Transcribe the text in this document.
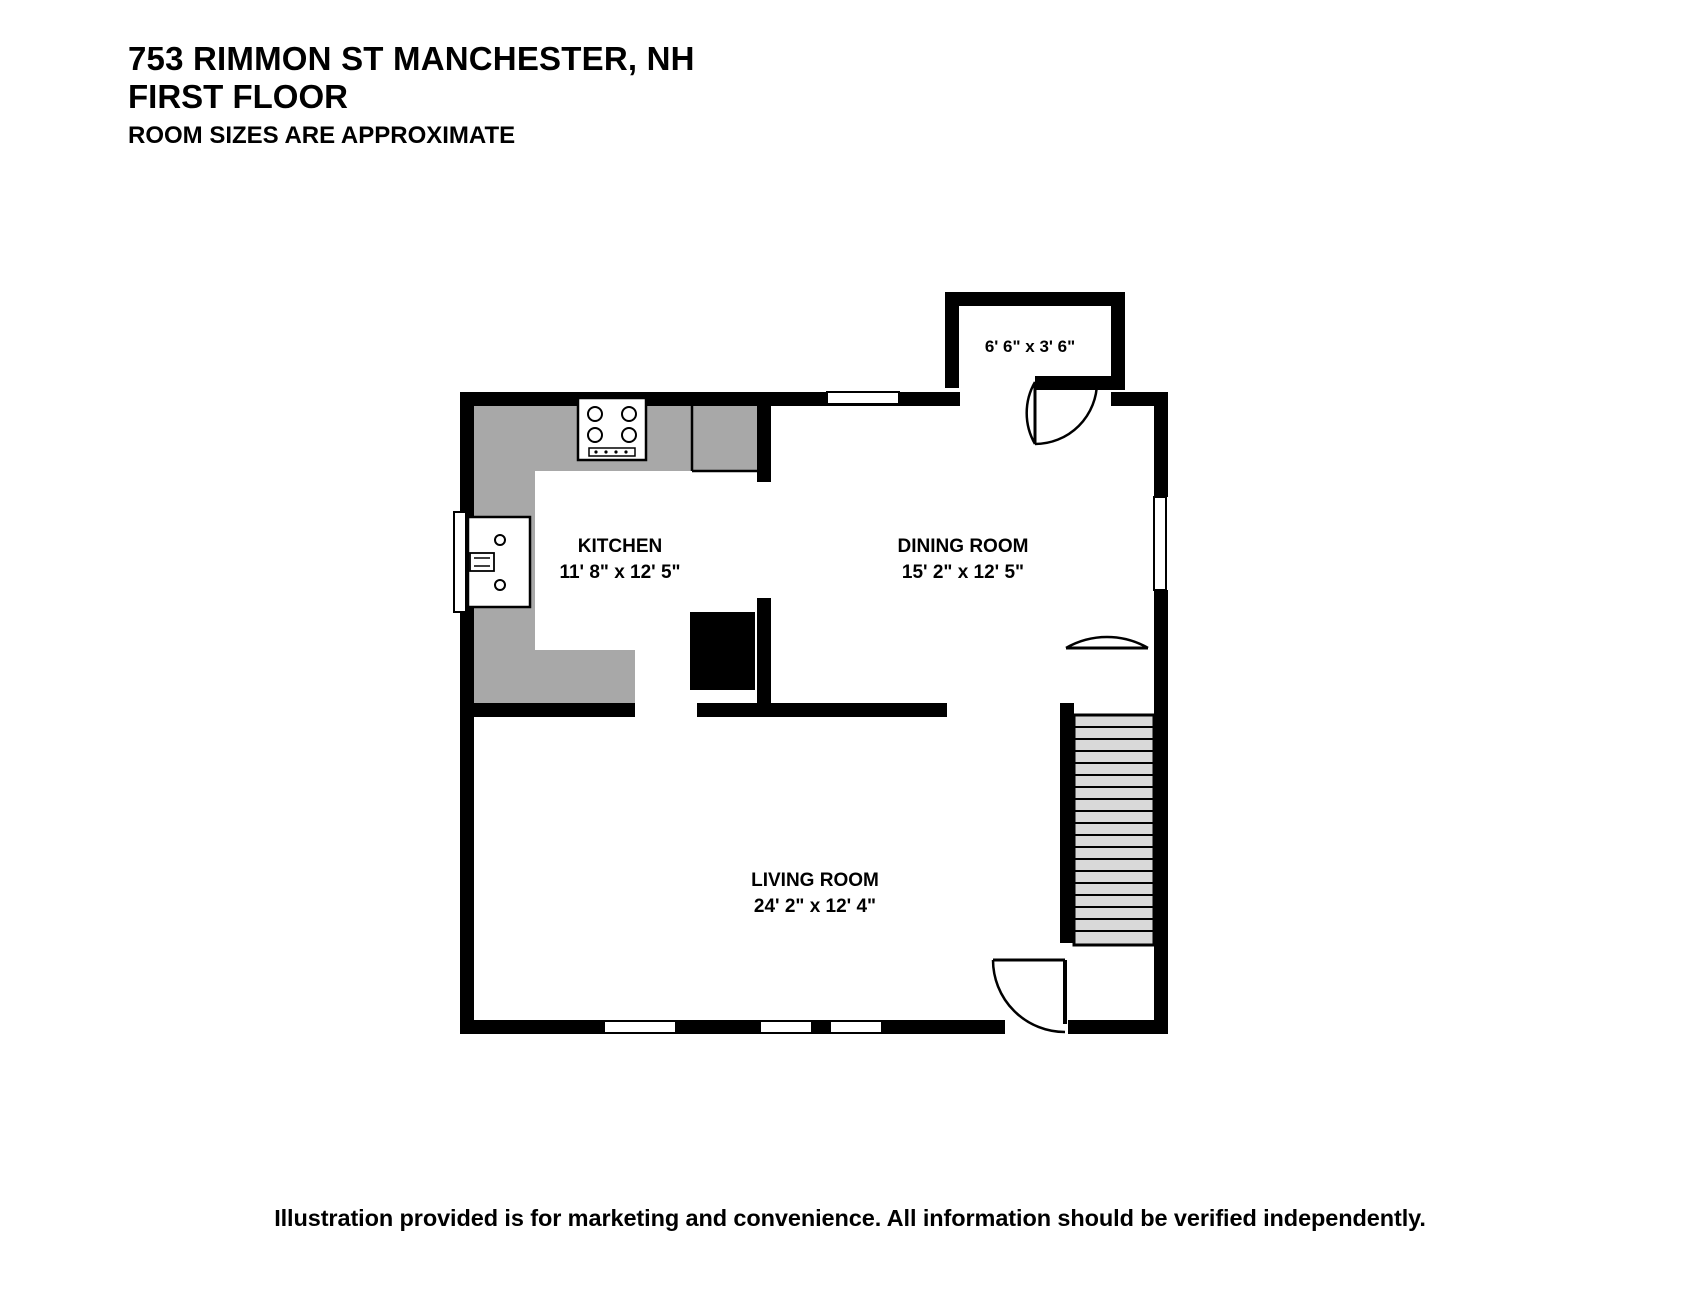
753 RIMMON ST MANCHESTER, NH
FIRST FLOOR
ROOM SIZES ARE APPROXIMATE
6' 6" x 3' 6"
KITCHEN
11' 8" x 12' 5"
DINING ROOM
15' 2" x 12' 5"
LIVING ROOM
24' 2" x 12' 4"
Illustration provided is for marketing and convenience. All information should be verified independently.
